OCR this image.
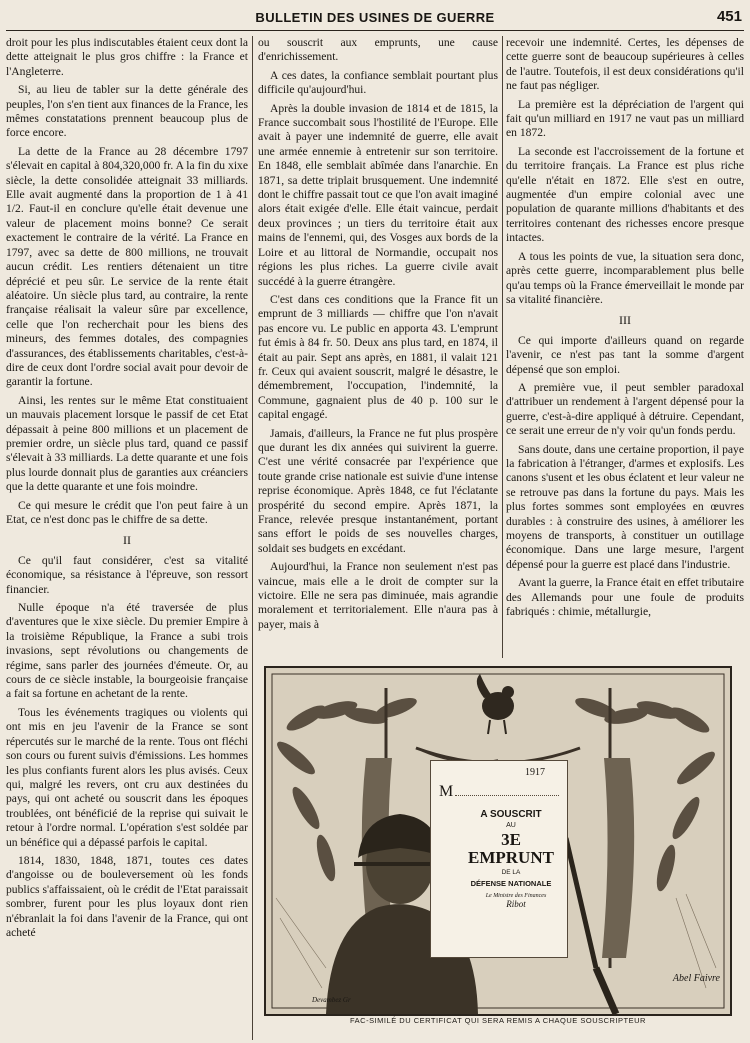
BULLETIN DES USINES DE GUERRE	451

droit pour les plus indiscutables étaient ceux dont la dette atteignait le plus gros chiffre : la France et l'Angleterre.

Si, au lieu de tabler sur la dette générale des peuples, l'on s'en tient aux finances de la France, les mêmes constatations prennent beaucoup plus de force encore.

La dette de la France au 28 décembre 1797 s'élevait en capital à 804,320,000 fr. A la fin du xixe siècle, la dette consolidée atteignait 33 milliards. Elle avait augmenté dans la proportion de 1 à 41 1/2. Faut-il en conclure qu'elle était devenue une valeur de placement moins bonne? Ce serait exactement le contraire de la vérité. La France en 1797, avec sa dette de 800 millions, ne trouvait aucun crédit. Les rentiers détenaient un titre déprécié et peu sûr. Le service de la rente était aléatoire. Un siècle plus tard, au contraire, la rente française réalisait la valeur sûre par excellence, celle que l'on recherchait pour les biens des mineurs, des femmes dotales, des compagnies d'assurances, des établissements charitables, c'est-à-dire de ceux dont l'ordre social avait pour devoir de garantir la fortune.

Ainsi, les rentes sur le même Etat constituaient un mauvais placement lorsque le passif de cet Etat dépassait à peine 800 millions et un placement de premier ordre, un siècle plus tard, quand ce passif s'élevait à 33 milliards. La dette quarante et une fois plus lourde donnait plus de garanties aux créanciers que la dette quarante et une fois moindre.

Ce qui mesure le crédit que l'on peut faire à un Etat, ce n'est donc pas le chiffre de sa dette.

II

Ce qu'il faut considérer, c'est sa vitalité économique, sa résistance à l'épreuve, son ressort financier.

Nulle époque n'a été traversée de plus d'aventures que le xixe siècle. Du premier Empire à la troisième République, la France a subi trois invasions, sept révolutions ou changements de régime, sans parler des journées d'émeute. Or, au cours de ce siècle instable, la bourgeoisie française a fait sa fortune en achetant de la rente.

Tous les événements tragiques ou violents qui ont mis en jeu l'avenir de la France se sont répercutés sur le marché de la rente. Tous ont fléchi son cours ou furent suivis d'émissions. Les hommes les plus confiants furent alors les plus avisés. Ceux qui, malgré les revers, ont cru aux destinées du pays, qui ont acheté ou souscrit dans les époques troublées, ont bénéficié de la reprise qui suivait le retour à l'ordre normal. L'opération s'est soldée par un bénéfice qui a dépassé parfois le capital.

1814, 1830, 1848, 1871, toutes ces dates d'angoisse ou de bouleversement où les fonds publics s'affaissaient, où le crédit de l'Etat paraissait sombrer, furent pour les plus loyaux dont rien n'ébranlait la foi dans l'avenir de la France, qui ont acheté

ou souscrit aux emprunts, une cause d'enrichissement.

A ces dates, la confiance semblait pourtant plus difficile qu'aujourd'hui.

Après la double invasion de 1814 et de 1815, la France succombait sous l'hostilité de l'Europe. Elle avait à payer une indemnité de guerre, elle avait une armée ennemie à entretenir sur son territoire. En 1848, elle semblait abîmée dans l'anarchie. En 1871, sa dette triplait brusquement. Une indemnité dont le chiffre passait tout ce que l'on avait imaginé alors était exigée d'elle. Elle était vaincue, perdait deux provinces ; un tiers du territoire était aux mains de l'ennemi, qui, des Vosges aux bords de la Loire et au littoral de Normandie, occupait nos régions les plus riches. La guerre civile avait succédé à la guerre étrangère.

C'est dans ces conditions que la France fit un emprunt de 3 milliards — chiffre que l'on n'avait pas encore vu. Le public en apporta 43. L'emprunt fut émis à 84 fr. 50. Deux ans plus tard, en 1874, il était au pair. Sept ans après, en 1881, il valait 121 fr. Ceux qui avaient souscrit, malgré le désastre, le démembrement, l'occupation, l'indemnité, la Commune, gagnaient plus de 40 p. 100 sur le capital engagé.

Jamais, d'ailleurs, la France ne fut plus prospère que durant les dix années qui suivirent la guerre. C'est une vérité consacrée par l'expérience que toute grande crise nationale est suivie d'une intense reprise économique. Après 1848, ce fut l'éclatante prospérité du second empire. Après 1871, la France, relevée presque instantanément, portant sans effort le poids de ses nouvelles charges, soldait ses budgets en excédant.

Aujourd'hui, la France non seulement n'est pas vaincue, mais elle a le droit de compter sur la victoire. Elle ne sera pas diminuée, mais agrandie moralement et territorialement. Elle n'aura pas à payer, mais à

recevoir une indemnité. Certes, les dépenses de cette guerre sont de beaucoup supérieures à celles de l'autre. Toutefois, il est deux considérations qu'il ne faut pas négliger.

La première est la dépréciation de l'argent qui fait qu'un milliard en 1917 ne vaut pas un milliard en 1872.

La seconde est l'accroissement de la fortune et du territoire français. La France est plus riche qu'elle n'était en 1872. Elle s'est en outre, augmentée d'un empire colonial avec une population de quarante millions d'habitants et des territoires contenant des richesses encore presque intactes.

A tous les points de vue, la situation sera donc, après cette guerre, incomparablement plus belle qu'au temps où la France émerveillait le monde par sa vitalité financière.

III

Ce qui importe d'ailleurs quand on regarde l'avenir, ce n'est pas tant la somme d'argent dépensé que son emploi.

A première vue, il peut sembler paradoxal d'attribuer un rendement à l'argent dépensé pour la guerre, c'est-à-dire appliqué à détruire. Cependant, ce serait une erreur de n'y voir qu'un fonds perdu.

Sans doute, dans une certaine proportion, il paye la fabrication à l'étranger, d'armes et explosifs. Les canons s'usent et les obus éclatent et leur valeur ne se retrouve pas dans la fortune du pays. Mais les plus fortes sommes sont employées en œuvres durables : à construire des usines, à améliorer les moyens de transports, à constituer un outillage économique. Dans une large mesure, l'argent dépensé pour la guerre est placé dans l'industrie.

Avant la guerre, la France était en effet tributaire des Allemands pour une foule de produits fabriqués : chimie, métallurgie,

1917
M
A SOUSCRIT
AU
3E EMPRUNT
DE LA
DÉFENSE NATIONALE
Le Ministre des Finances
Ribot
Abel Faivre
Devambez Gr
FAC-SIMILÉ DU CERTIFICAT QUI SERA REMIS A CHAQUE SOUSCRIPTEUR
